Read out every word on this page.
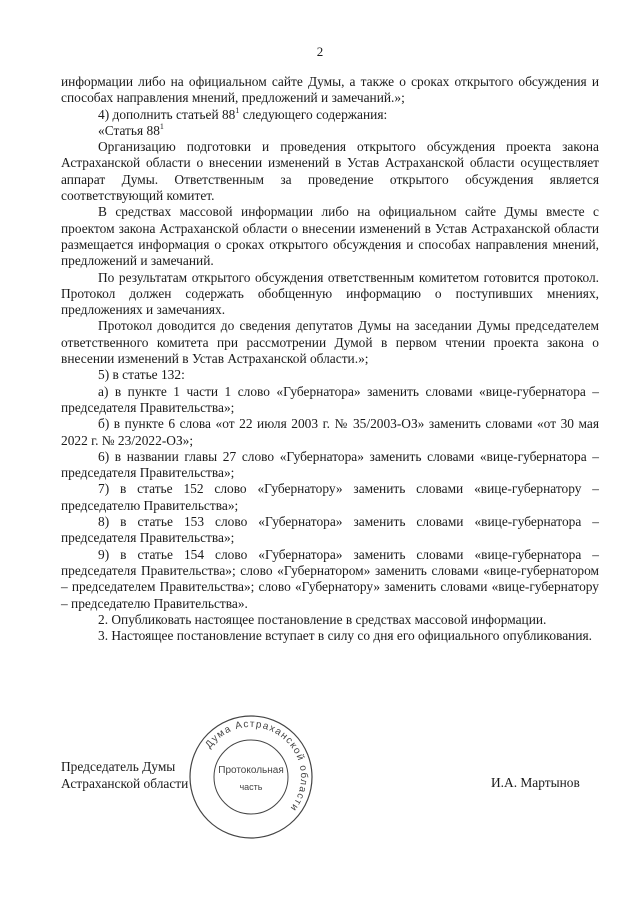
2

информации либо на официальном сайте Думы, а также о сроках открытого обсуждения и способах направления мнений, предложений и замечаний.»;

4) дополнить статьей $88^1$ следующего содержания:

«Статья $88^1$

Организацию подготовки и проведения открытого обсуждения проекта закона Астраханской области о внесении изменений в Устав Астраханской области осуществляет аппарат Думы. Ответственным за проведение открытого обсуждения является соответствующий комитет.

В средствах массовой информации либо на официальном сайте Думы вместе с проектом закона Астраханской области о внесении изменений в Устав Астраханской области размещается информация о сроках открытого обсуждения и способах направления мнений, предложений и замечаний.

По результатам открытого обсуждения ответственным комитетом готовится протокол. Протокол должен содержать обобщенную информацию о поступивших мнениях, предложениях и замечаниях.

Протокол доводится до сведения депутатов Думы на заседании Думы председателем ответственного комитета при рассмотрении Думой в первом чтении проекта закона о внесении изменений в Устав Астраханской области.»;

5) в статье 132:

а) в пункте 1 части 1 слово «Губернатора» заменить словами «вице-губернатора – председателя Правительства»;

б) в пункте 6 слова «от 22 июля 2003 г. № 35/2003-ОЗ» заменить словами «от 30 мая 2022 г. № 23/2022-ОЗ»;

6) в названии главы 27 слово «Губернатора» заменить словами «вице-губернатора – председателя Правительства»;

7) в статье 152 слово «Губернатору» заменить словами «вице-губернатору – председателю Правительства»;

8) в статье 153 слово «Губернатора» заменить словами «вице-губернатора – председателя Правительства»;

9) в статье 154 слово «Губернатора» заменить словами «вице-губернатора – председателя Правительства»; слово «Губернатором» заменить словами «вице-губернатором – председателем Правительства»; слово «Губернатору» заменить словами «вице-губернатору – председателю Правительства».

2. Опубликовать настоящее постановление в средствах массовой информации.

3. Настоящее постановление вступает в силу со дня его официального опубликования.

Председатель Думы
Астраханской области	И.А. Мартынов
Дума Астраханской области
Протокольная
часть
